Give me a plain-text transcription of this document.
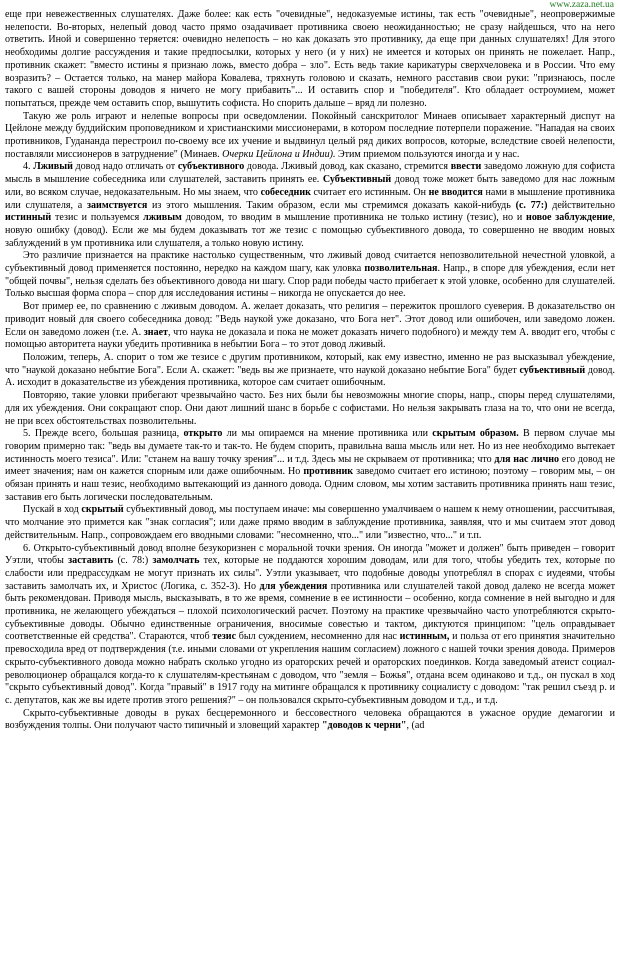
www.zaza.net.ua

еще при невежественных слушателях. Даже более: как есть "очевидные", недоказуемые истины, так есть "очевидные", неопровержимые нелепости. Во-вторых, нелепый довод часто прямо озадачивает противника своею неожиданностью; не сразу найдешься, что на него ответить. Иной и совершенно теряется: очевидно нелепость – но как доказать это противнику, да еще при данных слушателях! Для этого необходимы долгие рассуждения и такие предпосылки, которых у него (и у них) не имеется и которых он принять не пожелает. Напр., противник скажет: "вместо истины я признаю ложь, вместо добра – зло". Есть ведь такие карикатуры сверхчеловека и в России. Что ему возразить? – Остается только, на манер майора Ковалева, тряхнуть головою и сказать, немного расставив свои руки: "признаюсь, после такого с вашей стороны доводов я ничего не могу прибавить"... И оставить спор и "победителя". Кто обладает остроумием, может попытаться, прежде чем оставить спор, вышутить софиста. Но спорить дальше – вряд ли полезно.

Такую же роль играют и нелепые вопросы при осведомлении. Покойный санскритолог Минаев описывает характерный диспут на Цейлоне между буддийским проповедником и христианскими миссионерами, в котором последние потерпели поражение. "Нападая на своих противников, Гудананда перестроил по-своему все их учение и выдвинул целый ряд диких вопросов, которые, вследствие своей нелепости, поставляли миссионеров в затруднение" (Минаев. Очерки Цейлона и Индии). Этим приемом пользуются иногда и у нас.

4. Лживый довод надо отличать от субъективного довода. Лживый довод, как сказано, стремится ввести заведомо ложную для софиста мысль в мышление собеседника или слушателей, заставить принять ее. Субъективный довод тоже может быть заведомо для нас ложным или, во всяком случае, недоказательным. Но мы знаем, что собеседник считает его истинным. Он не вводится нами в мышление противника или слушателя, а заимствуется из этого мышления. Таким образом, если мы стремимся доказать какой-нибудь (с. 77:) действительно истинный тезис и пользуемся лживым доводом, то вводим в мышление противника не только истину (тезис), но и новое заблуждение, новую ошибку (довод). Если же мы будем доказывать тот же тезис с помощью субъективного довода, то совершенно не вводим новых заблуждений в ум противника или слушателя, а только новую истину.

Это различие признается на практике настолько существенным, что лживый довод считается непозволительной нечестной уловкой, а субъективный довод применяется постоянно, нередко на каждом шагу, как уловка позволительная. Напр., в споре для убеждения, если нет "общей почвы", нельзя сделать без объективного довода ни шагу. Спор ради победы часто прибегает к этой уловке, особенно для слушателей. Только высшая форма спора – спор для исследования истины – никогда не опускается до нее.

Вот пример ее, по сравнению с лживым доводом. А. желает доказать, что религия – пережиток прошлого суеверия. В доказательство он приводит новый для своего собеседника довод: "Ведь наукой уже доказано, что Бога нет". Этот довод или ошибочен, или заведомо ложен. Если он заведомо ложен (т.е. А. знает, что наука не доказала и пока не может доказать ничего подобного) и между тем А. вводит его, чтобы с помощью авторитета науки убедить противника в небытии Бога – то этот довод лживый.

Положим, теперь, А. спорит о том же тезисе с другим противником, который, как ему известно, именно не раз высказывал убеждение, что "наукой доказано небытие Бога". Если А. скажет: "ведь вы же признаете, что наукой доказано небытие Бога" будет субъективный довод. А. исходит в доказательстве из убеждения противника, которое сам считает ошибочным.

Повторяю, такие уловки прибегают чрезвычайно часто. Без них были бы невозможны многие споры, напр., споры перед слушателями, для их убеждения. Они сокращают спор. Они дают лишний шанс в борьбе с софистами. Но нельзя закрывать глаза на то, что они не всегда, не при всех обстоятельствах позволительны.

5. Прежде всего, большая разница, открыто ли мы опираемся на мнение противника или скрытым образом. В первом случае мы говорим примерно так: "ведь вы думаете так-то и так-то. Не будем спорить, правильна ваша мысль или нет. Но из нее необходимо вытекает истинность моего тезиса". Или: "станем на вашу точку зрения"... и т.д. Здесь мы не скрываем от противника; что для нас лично его довод не имеет значения; нам он кажется спорным или даже ошибочным. Но противник заведомо считает его истиною; поэтому – говорим мы, – он обязан принять и наш тезис, необходимо вытекающий из данного довода. Одним словом, мы хотим заставить противника принять наш тезис, заставив его быть логически последовательным.

Пускай в ход скрытый субъективный довод, мы поступаем иначе: мы совершенно умалчиваем о нашем к нему отношении, рассчитывая, что молчание это примется как "знак согласия"; или даже прямо вводим в заблуждение противника, заявляя, что и мы считаем этот довод действительным. Напр., сопровождаем его вводными словами: "несомненно, что..." или "известно, что..." и т.п.

6. Открыто-субъективный довод вполне безукоризнен с моральной точки зрения. Он иногда "может и должен" быть приведен – говорит Уэтли, чтобы заставить (с. 78:) замолчать тех, которые не поддаются хорошим доводам, или для того, чтобы убедить тех, которые по слабости или предрассудкам не могут признать их силы". Уэтли указывает, что подобные доводы употреблял в спорах с иудеями, чтобы заставить замолчать их, и Христос (Логика, с. 352-3). Но для убеждения противника или слушателей такой довод далеко не всегда может быть рекомендован. Приводя мысль, высказывать, в то же время, сомнение в ее истинности – особенно, когда сомнение в ней выгодно и для противника, не желающего убеждаться – плохой психологический расчет. Поэтому на практике чрезвычайно часто употребляются скрыто-субъективные доводы. Обычно единственные ограничения, вносимые совестью и тактом, диктуются принципом: "цель оправдывает соответственные ей средства". Стараются, чтоб тезис был суждением, несомненно для нас истинным, и польза от его принятия значительно превосходила вред от подтверждения (т.е. иными словами от укрепления нашим согласием) ложного с нашей точки зрения довода. Примеров скрыто-субъективного довода можно набрать сколько угодно из ораторских речей и ораторских поединков. Когда заведомый атеист социал-революционер обращался когда-то к слушателям-крестьянам с доводом, что "земля – Божья", отдана всем одинаково и т.д., он пускал в ход "скрыто субъективный довод". Когда "правый" в 1917 году на митинге обращался к противнику социалисту с доводом: "так решил съезд р. и с. депутатов, как же вы идете против этого решения?" – он пользовался скрыто-субъективным доводом и т.д., и т.д.

Скрыто-субъективные доводы в руках бесцеремонного и бессовестного человека обращаются в ужасное орудие демагогии и возбуждения толпы. Они получают часто типичный и зловещий характер "доводов к черни", (ad
